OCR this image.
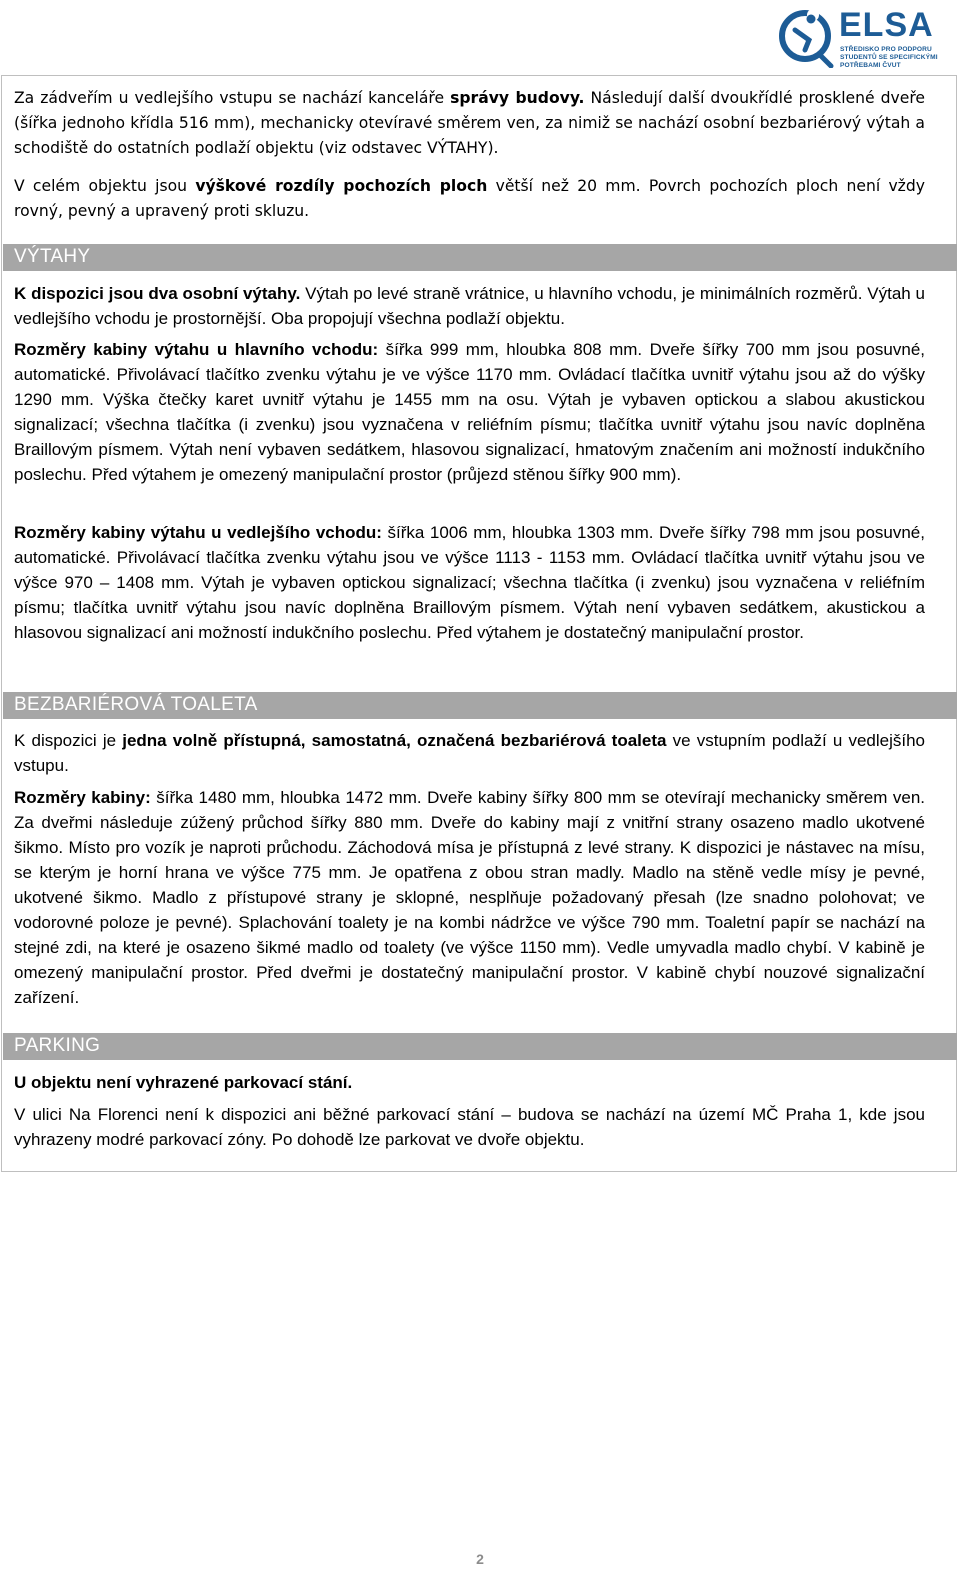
ELSA
STŘEDISKO PRO PODPORU
STUDENTŮ SE SPECIFICKÝMI
POTŘEBAMI ČVUT

Za zádveřím u vedlejšího vstupu se nachází kanceláře správy budovy. Následují další dvoukřídlé prosklené dveře (šířka jednoho křídla 516 mm), mechanicky otevíravé směrem ven, za nimiž se nachází osobní bezbariérový výtah a schodiště do ostatních podlaží objektu (viz odstavec VÝTAHY).

V celém objektu jsou výškové rozdíly pochozích ploch větší než 20 mm. Povrch pochozích ploch není vždy rovný, pevný a upravený proti skluzu.

VÝTAHY

K dispozici jsou dva osobní výtahy. Výtah po levé straně vrátnice, u hlavního vchodu, je minimálních rozměrů. Výtah u vedlejšího vchodu je prostornější. Oba propojují všechna podlaží objektu.

Rozměry kabiny výtahu u hlavního vchodu: šířka 999 mm, hloubka 808 mm. Dveře šířky 700 mm jsou posuvné, automatické. Přivolávací tlačítko zvenku výtahu je ve výšce 1170 mm. Ovládací tlačítka uvnitř výtahu jsou až do výšky 1290 mm. Výška čtečky karet uvnitř výtahu je 1455 mm na osu. Výtah je vybaven optickou a slabou akustickou signalizací; všechna tlačítka (i zvenku) jsou vyznačena v reliéfním písmu; tlačítka uvnitř výtahu jsou navíc doplněna Braillovým písmem. Výtah není vybaven sedátkem, hlasovou signalizací, hmatovým značením ani možností indukčního poslechu. Před výtahem je omezený manipulační prostor (průjezd stěnou šířky 900 mm).

Rozměry kabiny výtahu u vedlejšího vchodu: šířka 1006 mm, hloubka 1303 mm. Dveře šířky 798 mm jsou posuvné, automatické. Přivolávací tlačítka zvenku výtahu jsou ve výšce 1113 - 1153 mm. Ovládací tlačítka uvnitř výtahu jsou ve výšce 970 – 1408 mm. Výtah je vybaven optickou signalizací; všechna tlačítka (i zvenku) jsou vyznačena v reliéfním písmu; tlačítka uvnitř výtahu jsou navíc doplněna Braillovým písmem. Výtah není vybaven sedátkem, akustickou a hlasovou signalizací ani možností indukčního poslechu. Před výtahem je dostatečný manipulační prostor.

BEZBARIÉROVÁ TOALETA

K dispozici je jedna volně přístupná, samostatná, označená bezbariérová toaleta ve vstupním podlaží u vedlejšího vstupu.

Rozměry kabiny: šířka 1480 mm, hloubka 1472 mm. Dveře kabiny šířky 800 mm se otevírají mechanicky směrem ven. Za dveřmi následuje zúžený průchod šířky 880 mm. Dveře do kabiny mají z vnitřní strany osazeno madlo ukotvené šikmo. Místo pro vozík je naproti průchodu. Záchodová mísa je přístupná z levé strany. K dispozici je nástavec na mísu, se kterým je horní hrana ve výšce 775 mm. Je opatřena z obou stran madly. Madlo na stěně vedle mísy je pevné, ukotvené šikmo. Madlo z přístupové strany je sklopné, nesplňuje požadovaný přesah (lze snadno polohovat; ve vodorovné poloze je pevné). Splachování toalety je na kombi nádržce ve výšce 790 mm. Toaletní papír se nachází na stejné zdi, na které je osazeno šikmé madlo od toalety (ve výšce 1150 mm). Vedle umyvadla madlo chybí. V kabině je omezený manipulační prostor. Před dveřmi je dostatečný manipulační prostor. V kabině chybí nouzové signalizační zařízení.

PARKING

U objektu není vyhrazené parkovací stání.

V ulici Na Florenci není k dispozici ani běžné parkovací stání – budova se nachází na území MČ Praha 1, kde jsou vyhrazeny modré parkovací zóny. Po dohodě lze parkovat ve dvoře objektu.

2
